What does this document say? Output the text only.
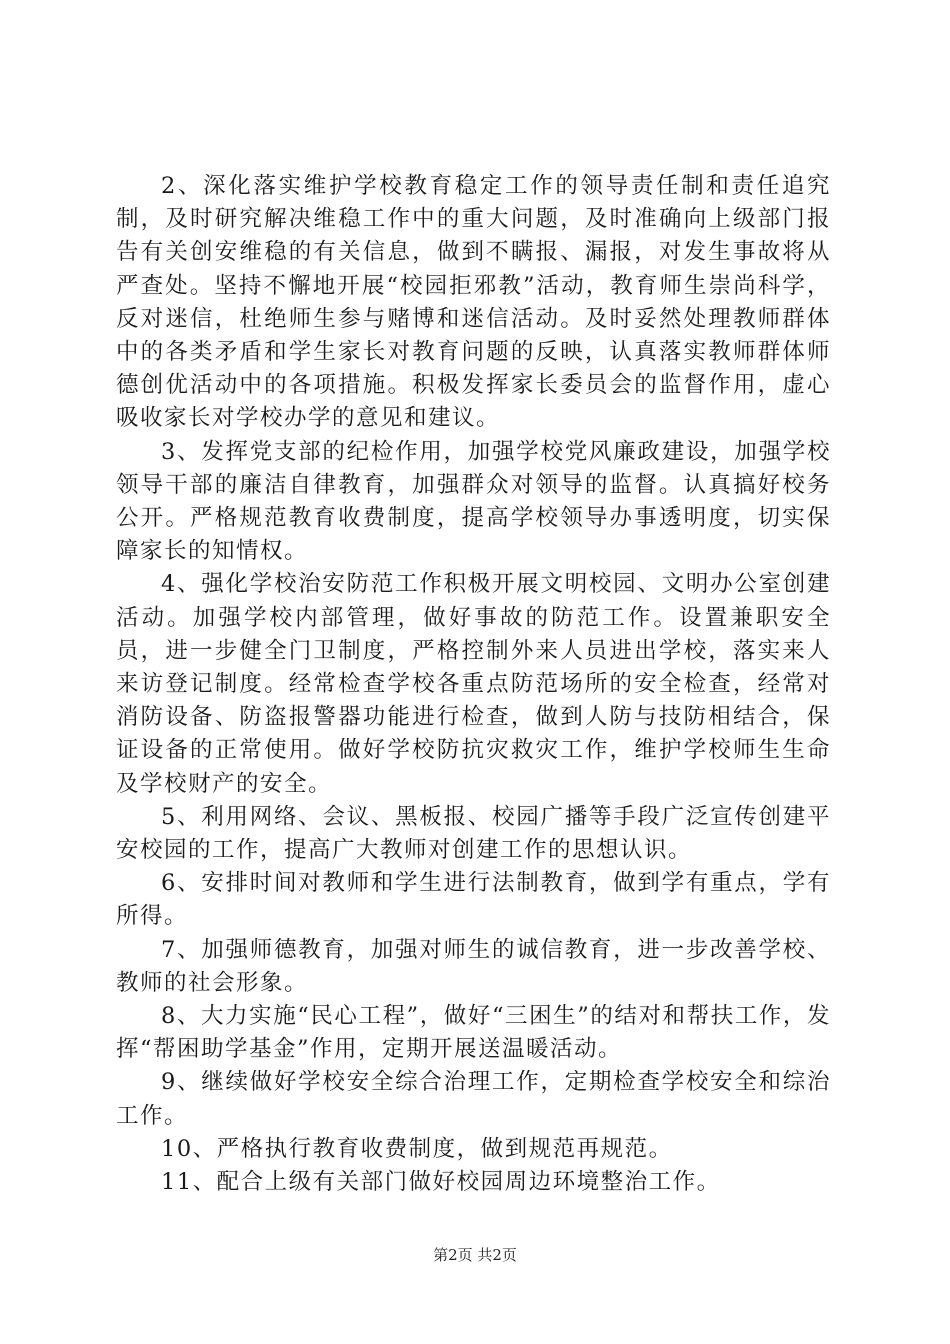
2、深化落实维护学校教育稳定工作的领导责任制和责任追究制，及时研究解决维稳工作中的重大问题，及时准确向上级部门报告有关创安维稳的有关信息，做到不瞒报、漏报，对发生事故将从严查处。坚持不懈地开展“校园拒邪教”活动，教育师生崇尚科学，反对迷信，杜绝师生参与赌博和迷信活动。及时妥然处理教师群体中的各类矛盾和学生家长对教育问题的反映，认真落实教师群体师德创优活动中的各项措施。积极发挥家长委员会的监督作用，虚心吸收家长对学校办学的意见和建议。

3、发挥党支部的纪检作用，加强学校党风廉政建设，加强学校领导干部的廉洁自律教育，加强群众对领导的监督。认真搞好校务公开。严格规范教育收费制度，提高学校领导办事透明度，切实保障家长的知情权。

4、强化学校治安防范工作积极开展文明校园、文明办公室创建活动。加强学校内部管理，做好事故的防范工作。设置兼职安全员，进一步健全门卫制度，严格控制外来人员进出学校，落实来人来访登记制度。经常检查学校各重点防范场所的安全检查，经常对消防设备、防盗报警器功能进行检查，做到人防与技防相结合，保证设备的正常使用。做好学校防抗灾救灾工作，维护学校师生生命及学校财产的安全。

5、利用网络、会议、黑板报、校园广播等手段广泛宣传创建平安校园的工作，提高广大教师对创建工作的思想认识。

6、安排时间对教师和学生进行法制教育，做到学有重点，学有所得。

7、加强师德教育，加强对师生的诚信教育，进一步改善学校、教师的社会形象。

8、大力实施“民心工程”，做好“三困生”的结对和帮扶工作，发挥“帮困助学基金”作用，定期开展送温暖活动。

9、继续做好学校安全综合治理工作，定期检查学校安全和综治工作。

10、严格执行教育收费制度，做到规范再规范。

11、配合上级有关部门做好校园周边环境整治工作。

第2页 共2页
